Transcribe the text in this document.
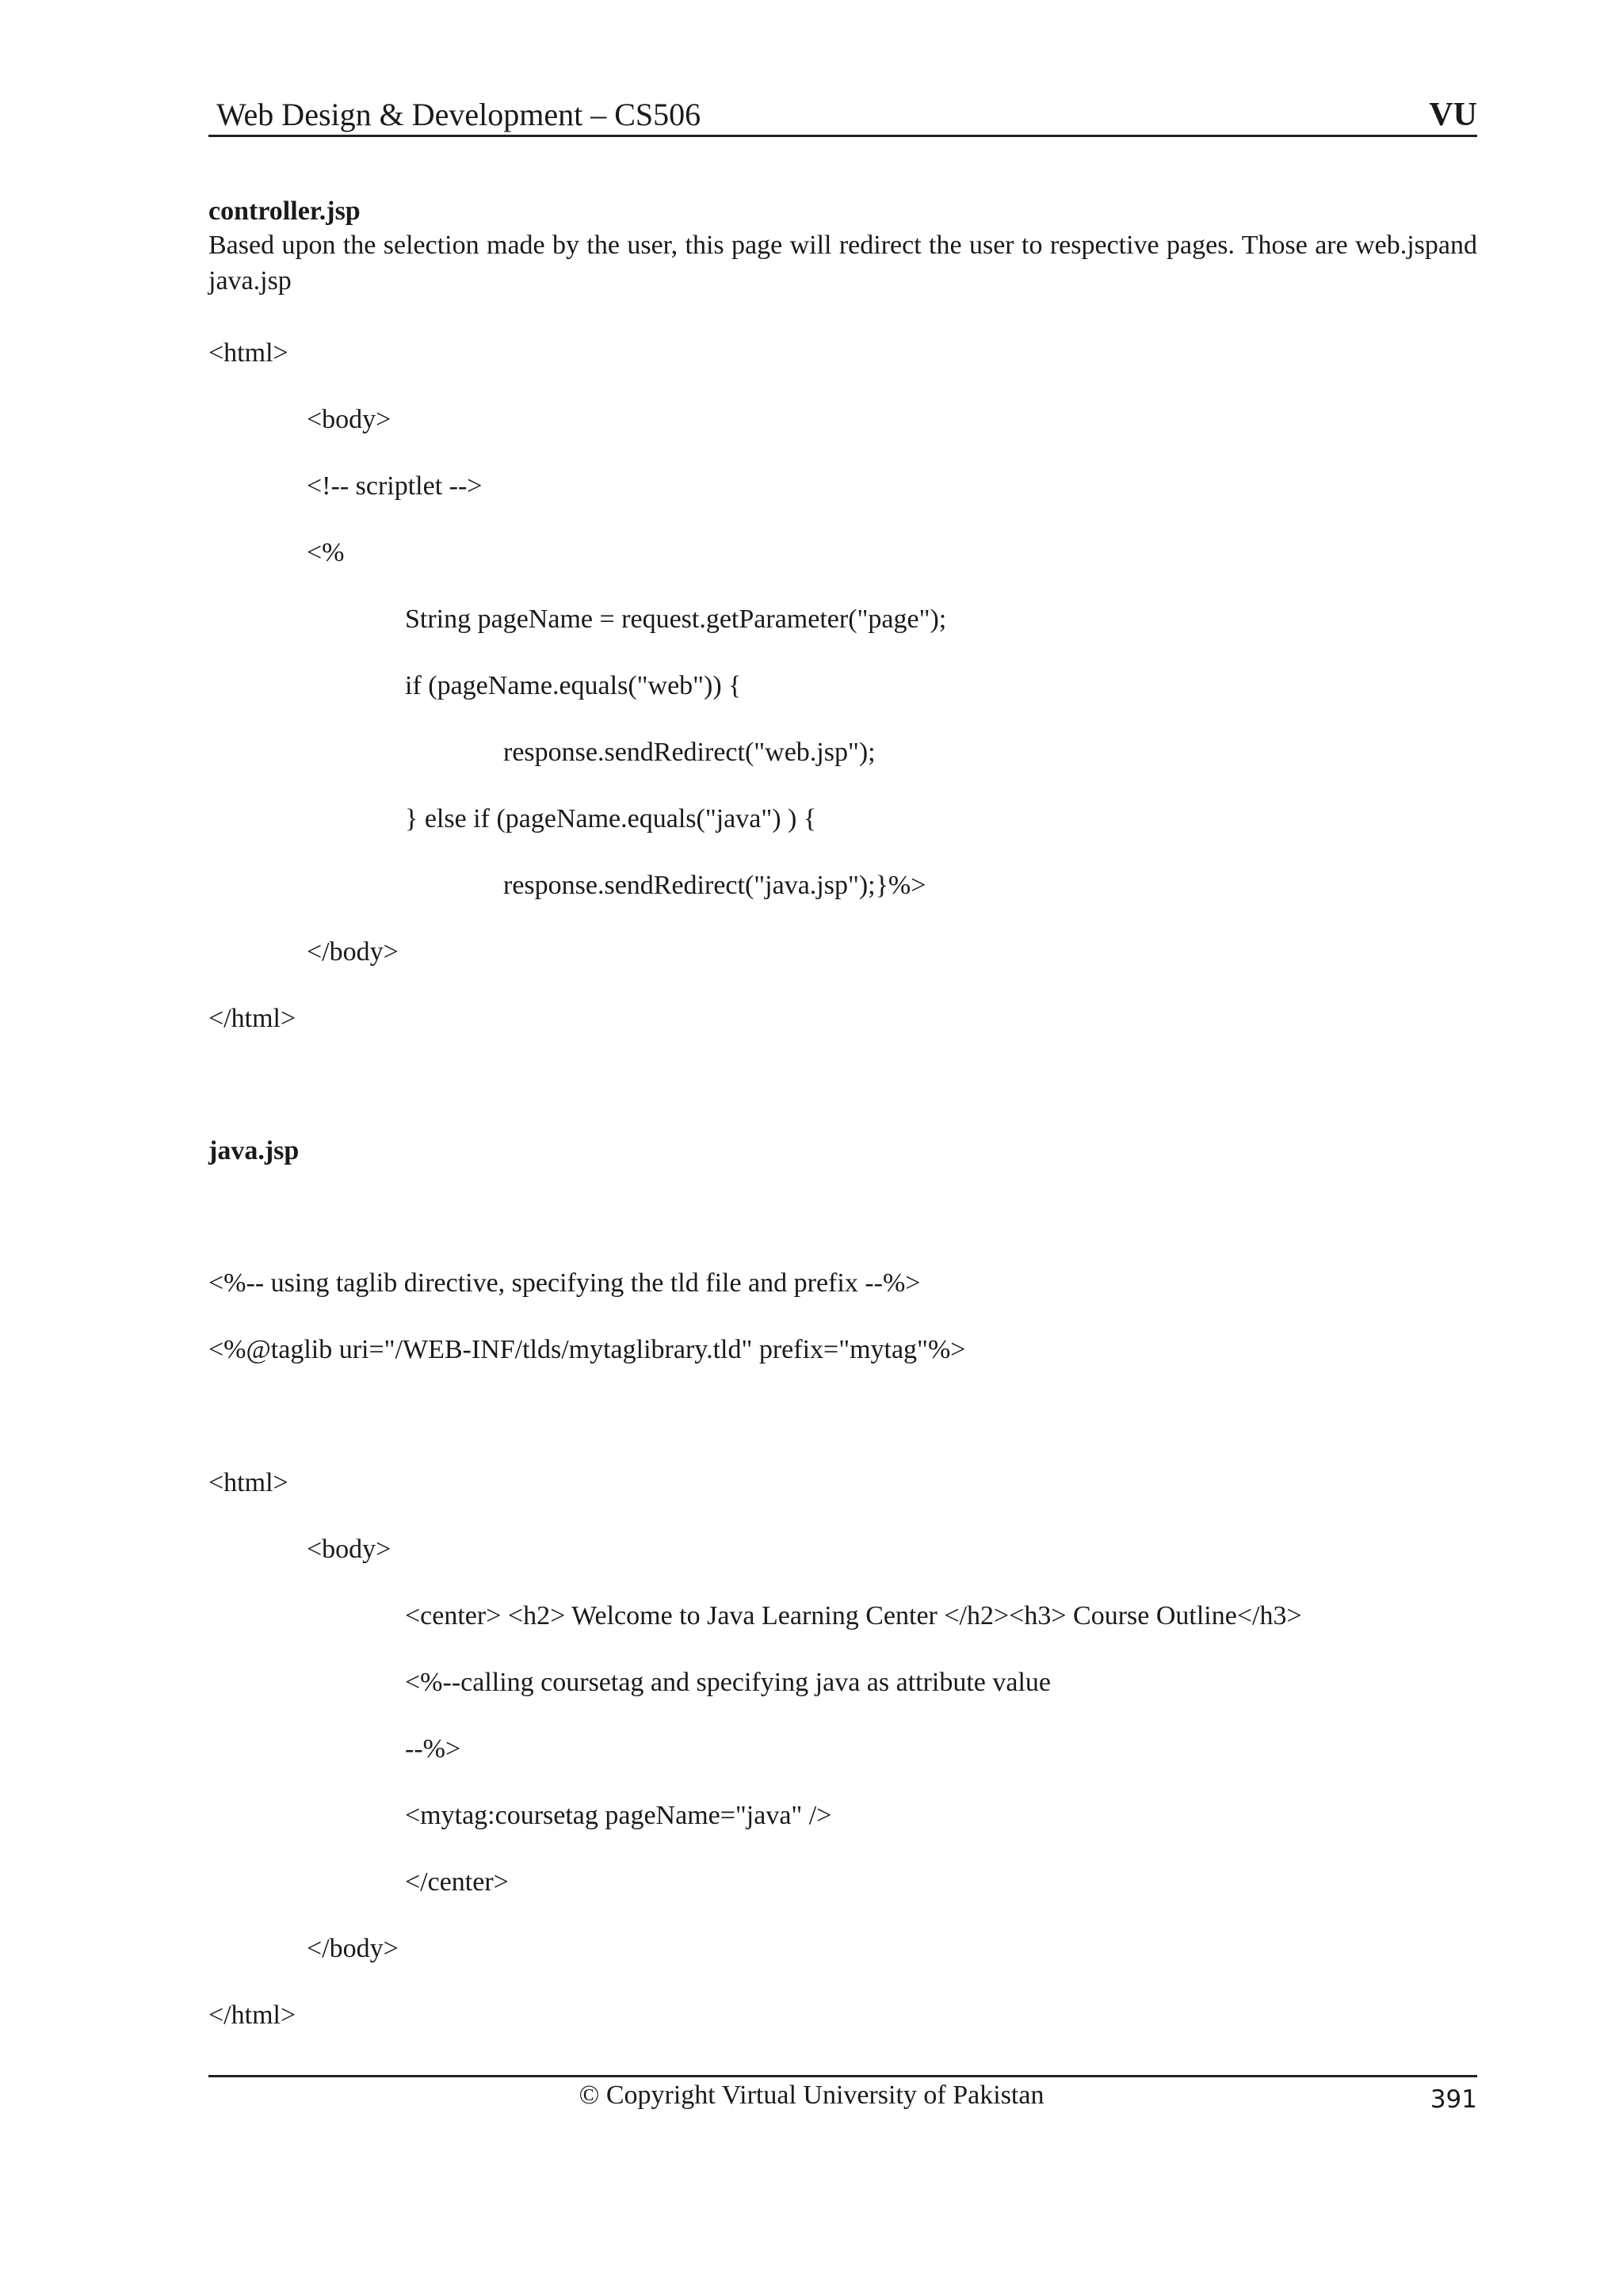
Web Design & Development – CS506	VU
controller.jsp
Based upon the selection made by the user, this page will redirect the user to respective pages. Those are web.jspand java.jsp
<html>
<body>
<!-- scriptlet -->
<%
String pageName = request.getParameter("page");
if (pageName.equals("web")) {
response.sendRedirect("web.jsp");
} else if (pageName.equals("java") ) {
response.sendRedirect("java.jsp");}%>
</body>
</html>
java.jsp
<%-- using taglib directive, specifying the tld file and prefix --%>
<%@taglib uri="/WEB-INF/tlds/mytaglibrary.tld" prefix="mytag"%>
<html>
<body>
<center> <h2> Welcome to Java Learning Center </h2><h3> Course Outline</h3>
<%--calling coursetag and specifying java as attribute value
--%>
<mytag:coursetag pageName="java" />
</center>
</body>
</html>
© Copyright Virtual University of Pakistan	391
